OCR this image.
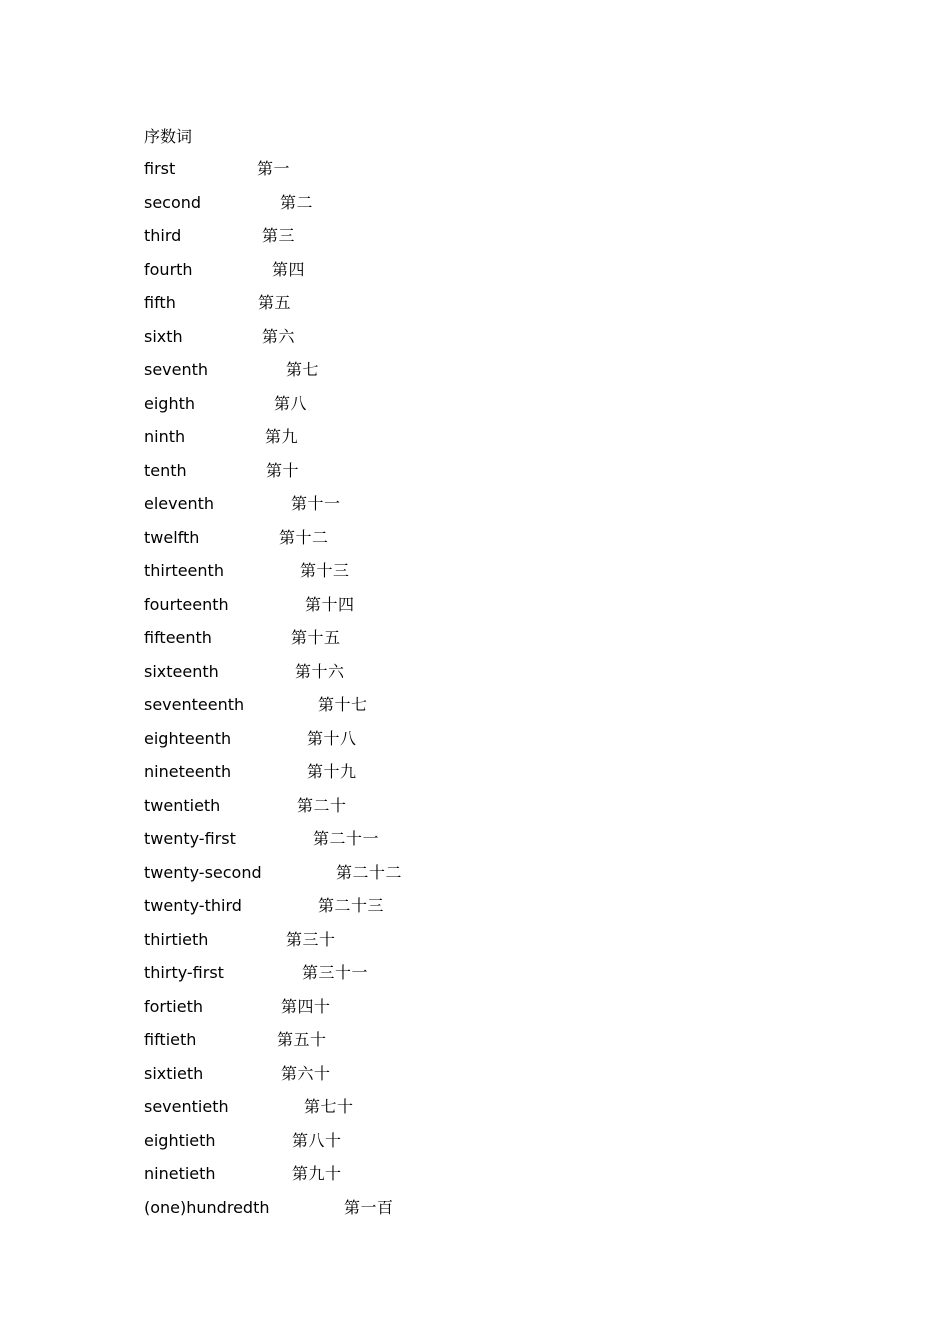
序数词
first	第一
second	第二
third	第三
fourth	第四
fifth	第五
sixth	第六
seventh	第七
eighth	第八
ninth	第九
tenth	第十
eleventh	第十一
twelfth	第十二
thirteenth	第十三
fourteenth	第十四
fifteenth	第十五
sixteenth	第十六
seventeenth	第十七
eighteenth	第十八
nineteenth	第十九
twentieth	第二十
twenty-first	第二十一
twenty-second	第二十二
twenty-third	第二十三
thirtieth	第三十
thirty-first	第三十一
fortieth	第四十
fiftieth	第五十
sixtieth	第六十
seventieth	第七十
eightieth	第八十
ninetieth	第九十
(one)hundredth	第一百
